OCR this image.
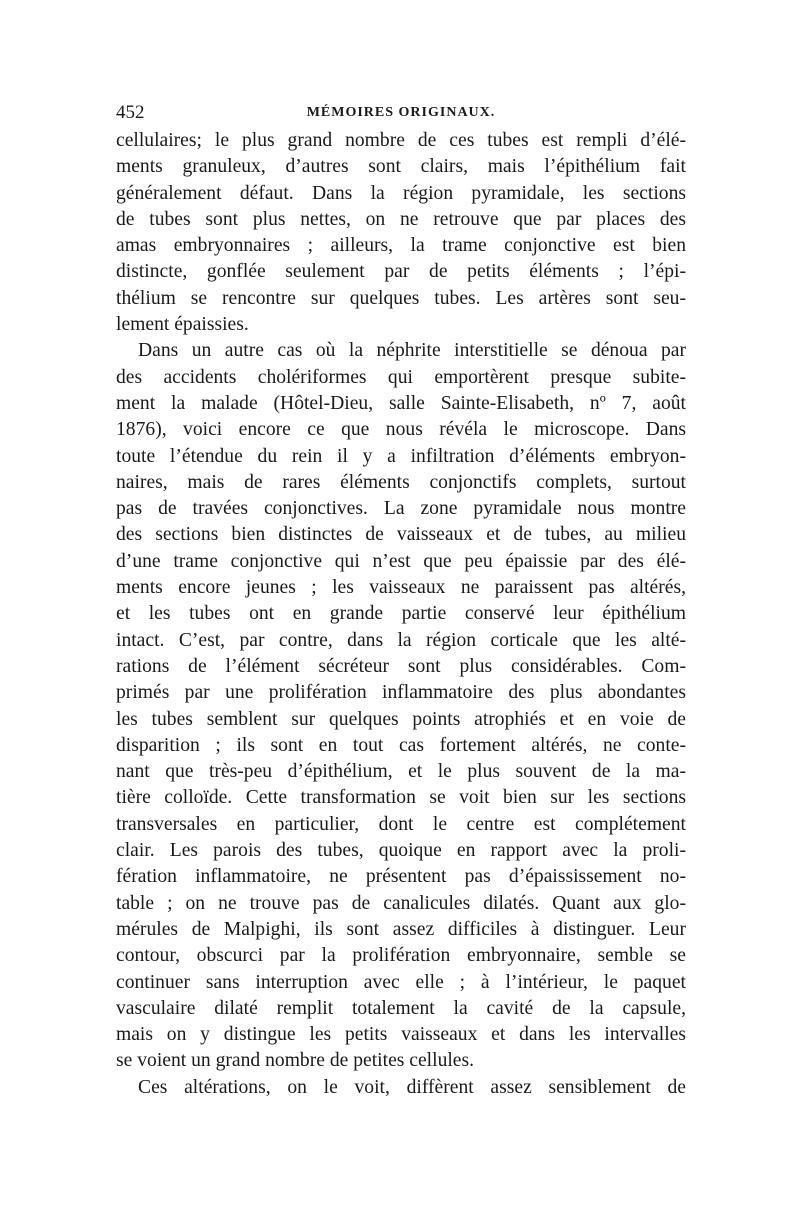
452	MÉMOIRES ORIGINAUX.
cellulaires; le plus grand nombre de ces tubes est rempli d’élé-
ments granuleux, d’autres sont clairs, mais l’épithélium fait
généralement défaut. Dans la région pyramidale, les sections
de tubes sont plus nettes, on ne retrouve que par places des
amas embryonnaires ; ailleurs, la trame conjonctive est bien
distincte, gonflée seulement par de petits éléments ; l’épi-
thélium se rencontre sur quelques tubes. Les artères sont seu-
lement épaissies.
Dans un autre cas où la néphrite interstitielle se dénoua par
des accidents cholériformes qui emportèrent presque subite-
ment la malade (Hôtel-Dieu, salle Sainte-Elisabeth, nº 7, août
1876), voici encore ce que nous révéla le microscope. Dans
toute l’étendue du rein il y a infiltration d’éléments embryon-
naires, mais de rares éléments conjonctifs complets, surtout
pas de travées conjonctives. La zone pyramidale nous montre
des sections bien distinctes de vaisseaux et de tubes, au milieu
d’une trame conjonctive qui n’est que peu épaissie par des élé-
ments encore jeunes ; les vaisseaux ne paraissent pas altérés,
et les tubes ont en grande partie conservé leur épithélium
intact. C’est, par contre, dans la région corticale que les alté-
rations de l’élément sécréteur sont plus considérables. Com-
primés par une prolifération inflammatoire des plus abondantes
les tubes semblent sur quelques points atrophiés et en voie de
disparition ; ils sont en tout cas fortement altérés, ne conte-
nant que très-peu d’épithélium, et le plus souvent de la ma-
tière colloïde. Cette transformation se voit bien sur les sections
transversales en particulier, dont le centre est complétement
clair. Les parois des tubes, quoique en rapport avec la proli-
fération inflammatoire, ne présentent pas d’épaississement no-
table ; on ne trouve pas de canalicules dilatés. Quant aux glo-
mérules de Malpighi, ils sont assez difficiles à distinguer. Leur
contour, obscurci par la prolifération embryonnaire, semble se
continuer sans interruption avec elle ; à l’intérieur, le paquet
vasculaire dilaté remplit totalement la cavité de la capsule,
mais on y distingue les petits vaisseaux et dans les intervalles
se voient un grand nombre de petites cellules.
Ces altérations, on le voit, diffèrent assez sensiblement de
